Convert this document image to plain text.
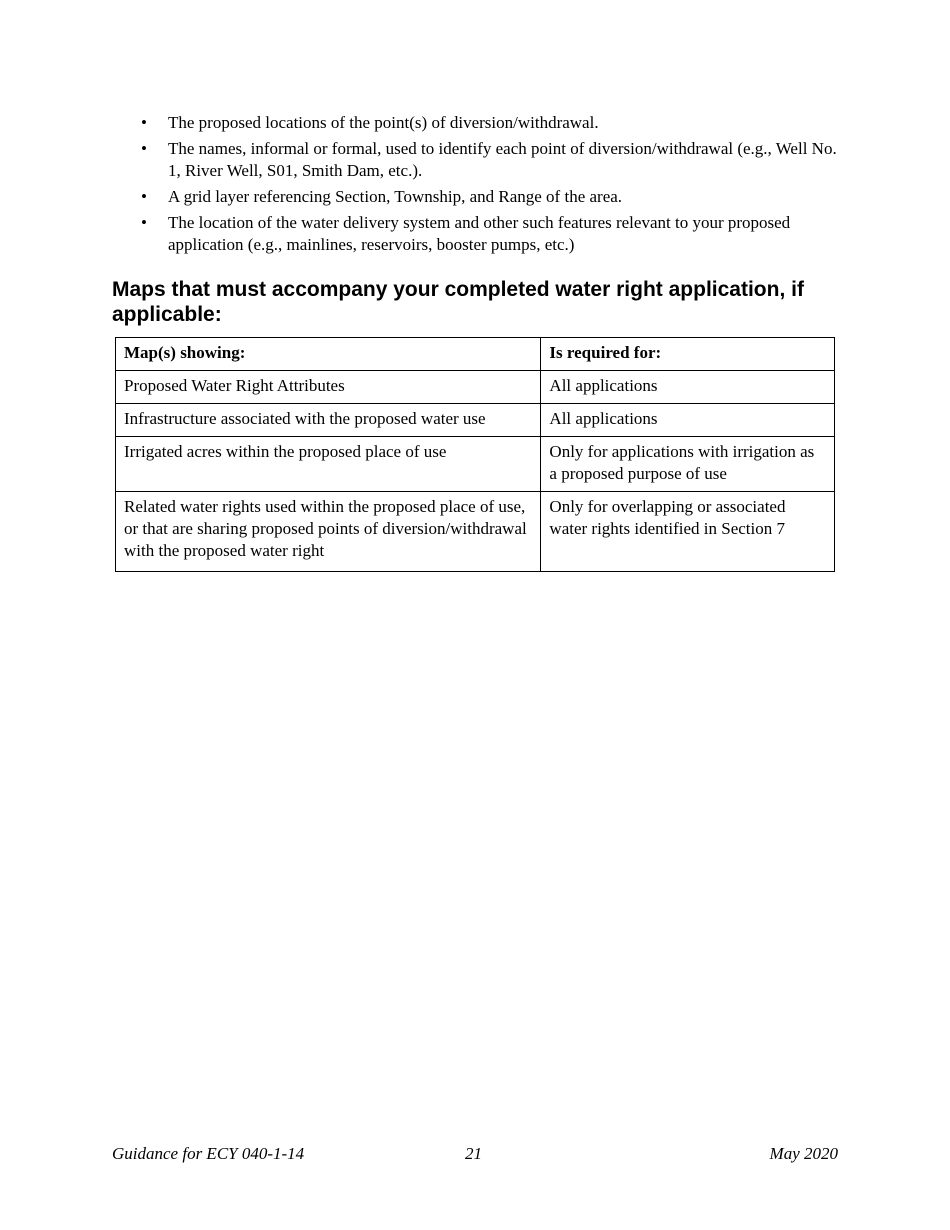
• The proposed locations of the point(s) of diversion/withdrawal.
• The names, informal or formal, used to identify each point of diversion/withdrawal (e.g., Well No. 1, River Well, S01, Smith Dam, etc.).
• A grid layer referencing Section, Township, and Range of the area.
• The location of the water delivery system and other such features relevant to your proposed application (e.g., mainlines, reservoirs, booster pumps, etc.)
Maps that must accompany your completed water right application, if applicable:
Map(s) showing:	Is required for:
Proposed Water Right Attributes	All applications
Infrastructure associated with the proposed water use	All applications
Irrigated acres within the proposed place of use	Only for applications with irrigation as a proposed purpose of use
Related water rights used within the proposed place of use, or that are sharing proposed points of diversion/withdrawal with the proposed water right	Only for overlapping or associated water rights identified in Section 7
Guidance for ECY 040-1-14	21	May 2020
